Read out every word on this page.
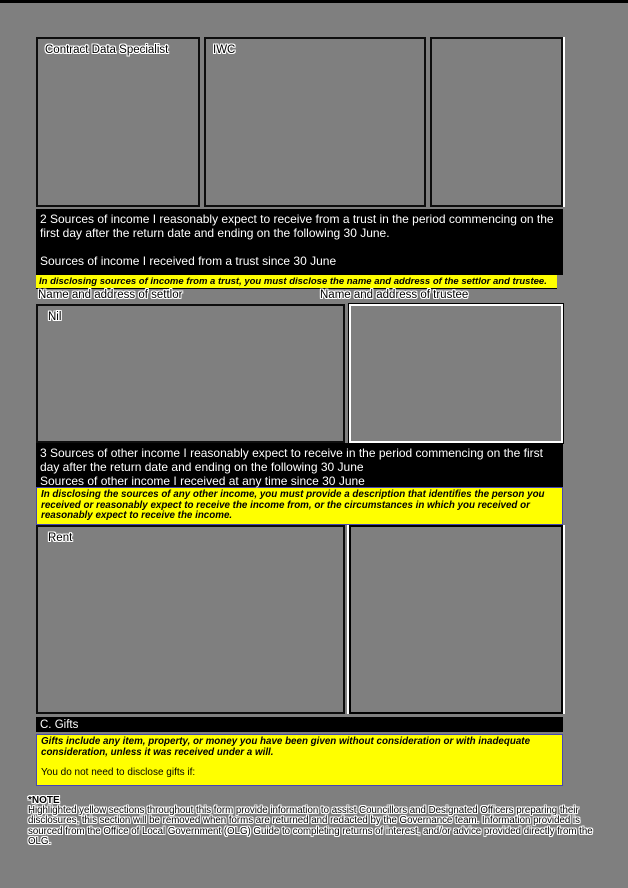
Contract Data Specialist	IWC
2 Sources of income I reasonably expect to receive from a trust in the period commencing on the first day after the return date and ending on the following 30 June.
Sources of income I received from a trust since 30 June
In disclosing sources of income from a trust, you must disclose the name and address of the settlor and trustee.
Name and address of settlor	Name and address of trustee
Nil
3 Sources of other income I reasonably expect to receive in the period commencing on the first day after the return date and ending on the following 30 June
Sources of other income I received at any time since 30 June
In disclosing the sources of any other income, you must provide a description that identifies the person you received or reasonably expect to receive the income from, or the circumstances in which you received or reasonably expect to receive the income.
Rent
C. Gifts
Gifts include any item, property, or money you have been given without consideration or with inadequate consideration, unless it was received under a will.
You do not need to disclose gifts if:
*NOTE
Highlighted yellow sections throughout this form provide information to assist Councillors and Designated Officers preparing their disclosures, this section will be removed when forms are returned and redacted by the Governance team. Information provided is sourced from the Office of Local Government (OLG) Guide to completing returns of interest, and/or advice provided directly from the OLG.
